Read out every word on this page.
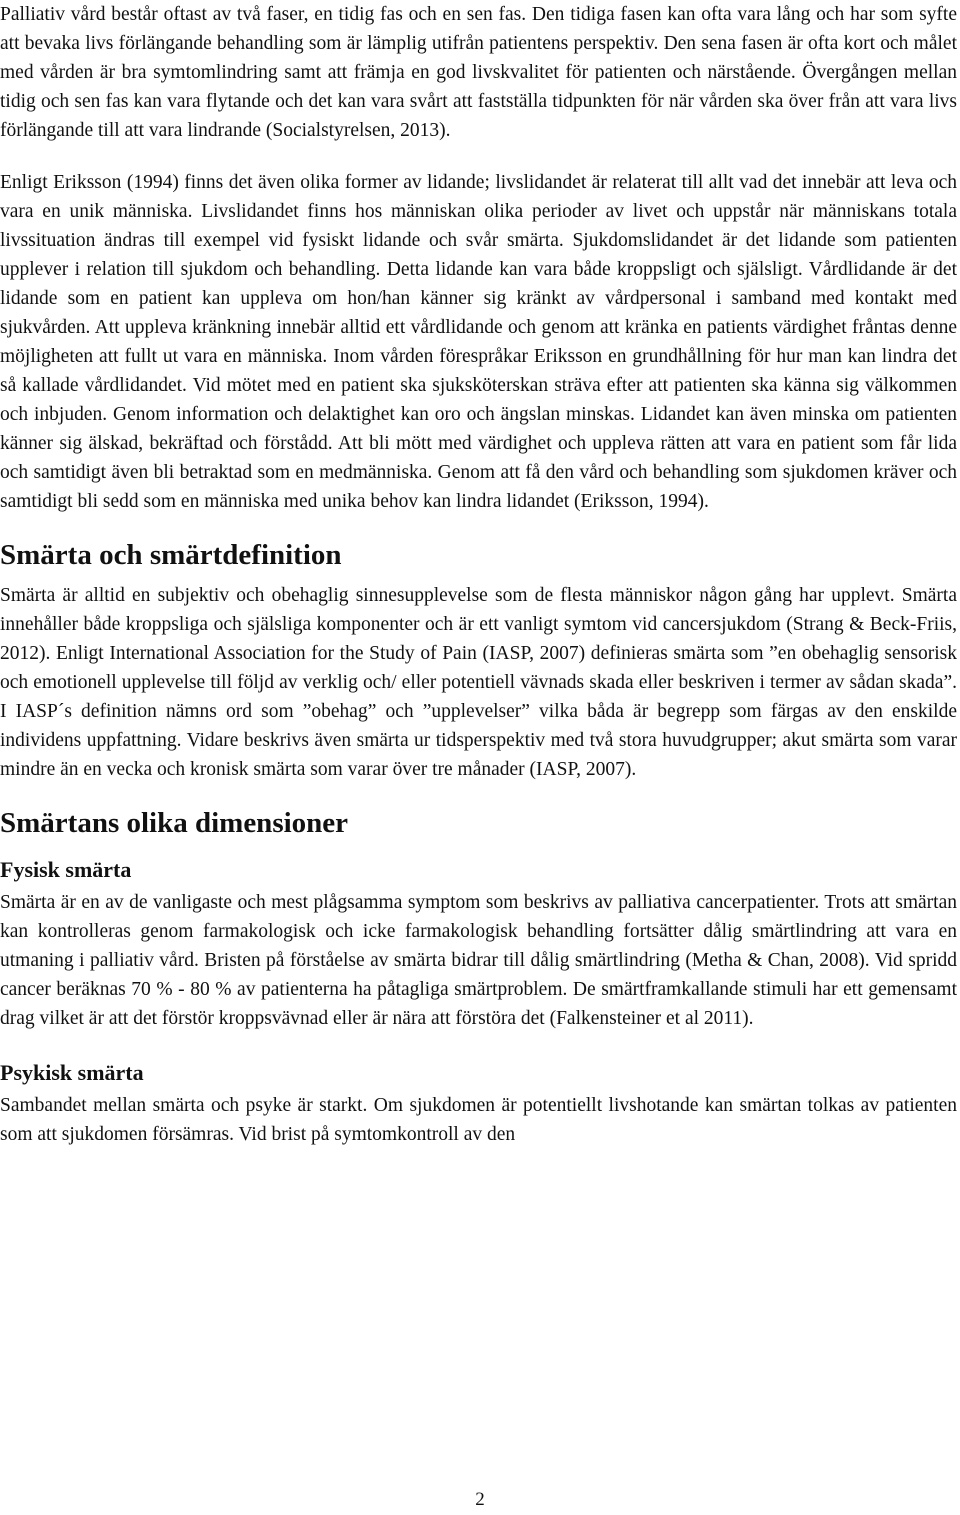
Palliativ vård består oftast av två faser, en tidig fas och en sen fas. Den tidiga fasen kan ofta vara lång och har som syfte att bevaka livs förlängande behandling som är lämplig utifrån patientens perspektiv. Den sena fasen är ofta kort och målet med vården är bra symtomlindring samt att främja en god livskvalitet för patienten och närstående. Övergången mellan tidig och sen fas kan vara flytande och det kan vara svårt att fastställa tidpunkten för när vården ska över från att vara livs förlängande till att vara lindrande (Socialstyrelsen, 2013).

Enligt Eriksson (1994) finns det även olika former av lidande; livslidandet är relaterat till allt vad det innebär att leva och vara en unik människa. Livslidandet finns hos människan olika perioder av livet och uppstår när människans totala livssituation ändras till exempel vid fysiskt lidande och svår smärta. Sjukdomslidandet är det lidande som patienten upplever i relation till sjukdom och behandling. Detta lidande kan vara både kroppsligt och själsligt. Vårdlidande är det lidande som en patient kan uppleva om hon/han känner sig kränkt av vårdpersonal i samband med kontakt med sjukvården. Att uppleva kränkning innebär alltid ett vårdlidande och genom att kränka en patients värdighet fråntas denne möjligheten att fullt ut vara en människa. Inom vården förespråkar Eriksson en grundhållning för hur man kan lindra det så kallade vårdlidandet. Vid mötet med en patient ska sjuksköterskan sträva efter att patienten ska känna sig välkommen och inbjuden. Genom information och delaktighet kan oro och ängslan minskas. Lidandet kan även minska om patienten känner sig älskad, bekräftad och förstådd. Att bli mött med värdighet och uppleva rätten att vara en patient som får lida och samtidigt även bli betraktad som en medmänniska. Genom att få den vård och behandling som sjukdomen kräver och samtidigt bli sedd som en människa med unika behov kan lindra lidandet (Eriksson, 1994).

Smärta och smärtdefinition

Smärta är alltid en subjektiv och obehaglig sinnesupplevelse som de flesta människor någon gång har upplevt. Smärta innehåller både kroppsliga och själsliga komponenter och är ett vanligt symtom vid cancersjukdom (Strang & Beck-Friis, 2012). Enligt International Association for the Study of Pain (IASP, 2007) definieras smärta som ”en obehaglig sensorisk och emotionell upplevelse till följd av verklig och/ eller potentiell vävnads skada eller beskriven i termer av sådan skada”. I IASP´s definition nämns ord som ”obehag” och ”upplevelser” vilka båda är begrepp som färgas av den enskilde individens uppfattning. Vidare beskrivs även smärta ur tidsperspektiv med två stora huvudgrupper; akut smärta som varar mindre än en vecka och kronisk smärta som varar över tre månader (IASP, 2007).

Smärtans olika dimensioner
Fysisk smärta

Smärta är en av de vanligaste och mest plågsamma symptom som beskrivs av palliativa cancerpatienter. Trots att smärtan kan kontrolleras genom farmakologisk och icke farmakologisk behandling fortsätter dålig smärtlindring att vara en utmaning i palliativ vård. Bristen på förståelse av smärta bidrar till dålig smärtlindring (Metha & Chan, 2008). Vid spridd cancer beräknas 70 % - 80 % av patienterna ha påtagliga smärtproblem. De smärtframkallande stimuli har ett gemensamt drag vilket är att det förstör kroppsvävnad eller är nära att förstöra det (Falkensteiner et al 2011).

Psykisk smärta

Sambandet mellan smärta och psyke är starkt. Om sjukdomen är potentiellt livshotande kan smärtan tolkas av patienten som att sjukdomen försämras. Vid brist på symtomkontroll av den

2
